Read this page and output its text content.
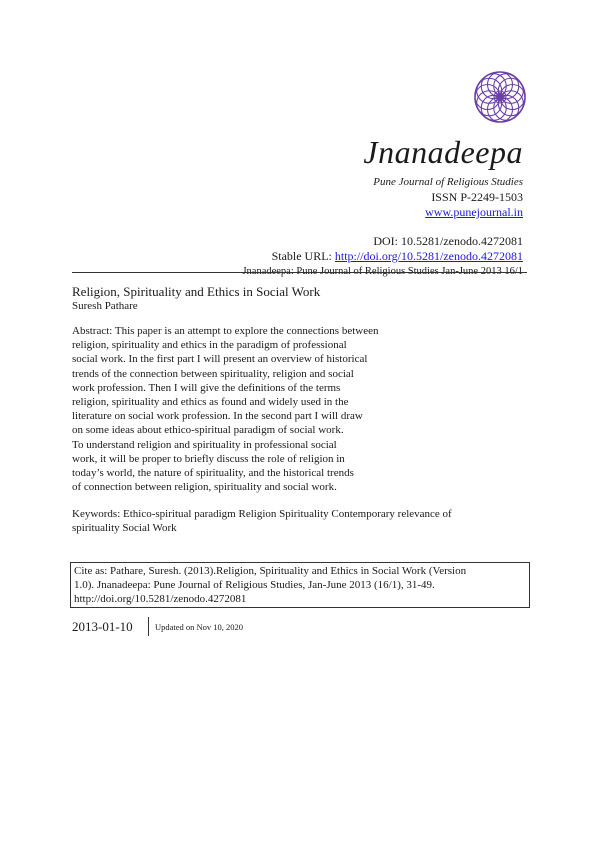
Jnanadeepa
Pune Journal of Religious Studies
ISSN P-2249-1503
www.punejournal.in
DOI: 10.5281/zenodo.4272081
Stable URL: http://doi.org/10.5281/zenodo.4272081
Jnanadeepa: Pune Journal of Religious Studies Jan-June 2013 16/1
Religion, Spirituality and Ethics in Social Work
Suresh Pathare
Abstract: This paper is an attempt to explore the connections between
religion, spirituality and ethics in the paradigm of professional
social work. In the first part I will present an overview of historical
trends of the connection between spirituality, religion and social
work profession. Then I will give the definitions of the terms
religion, spirituality and ethics as found and widely used in the
literature on social work profession. In the second part I will draw
on some ideas about ethico-spiritual paradigm of social work.
To understand religion and spirituality in professional social
work, it will be proper to briefly discuss the role of religion in
today’s world, the nature of spirituality, and the historical trends
of connection between religion, spirituality and social work.
Keywords: Ethico-spiritual paradigm Religion Spirituality Contemporary relevance of
spirituality Social Work
Cite as: Pathare, Suresh. (2013).Religion, Spirituality and Ethics in Social Work (Version
1.0). Jnanadeepa: Pune Journal of Religious Studies, Jan-June 2013 (16/1), 31-49.
http://doi.org/10.5281/zenodo.4272081
2013-01-10	Updated on Nov 10, 2020
